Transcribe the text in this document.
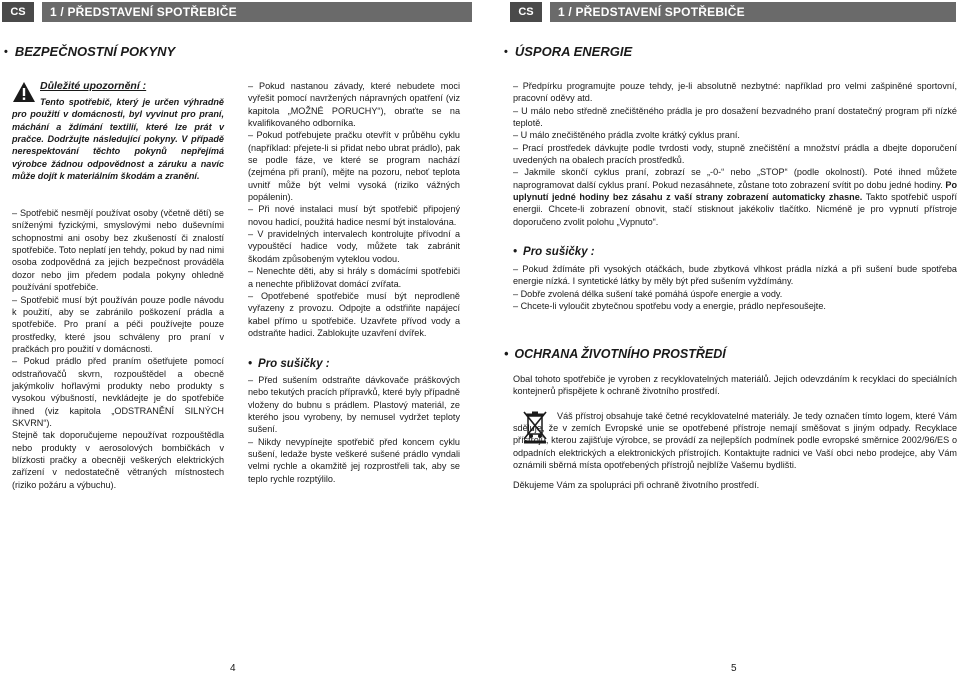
CS	1 / PŘEDSTAVENÍ SPOTŘEBIČE	CS	1 / PŘEDSTAVENÍ SPOTŘEBIČE
• BEZPEČNOSTNÍ POKYNY	• ÚSPORA ENERGIE
Důležité upozornění :

Tento spotřebič, který je určen výhradně pro použití v domácnosti, byl vyvinut pro praní, máchání a ždímání textilií, které lze prát v pračce. Dodržujte následující pokyny. V případě nerespektování těchto pokynů nepřejímá výrobce žádnou odpovědnost a záruku a navíc může dojít k materiálním škodám a zranění.

– Spotřebič nesmějí používat osoby (včetně dětí) se sníženými fyzickými, smyslovými nebo duševními schopnostmi ani osoby bez zkušeností či znalostí spotřebiče. Toto neplatí jen tehdy, pokud by nad nimi osoba zodpovědná za jejich bezpečnost prováděla dozor nebo jim předem podala pokyny ohledně používání spotřebiče.

– Spotřebič musí být používán pouze podle návodu k použití, aby se zabránilo poškození prádla a spotřebiče. Pro praní a péči používejte pouze prostředky, které jsou schváleny pro praní v pračkách pro použití v domácnosti.

– Pokud prádlo před praním ošetřujete pomocí odstraňovačů skvrn, rozpouštědel a obecně jakýmkoliv hořlavými produkty nebo produkty s vysokou výbušností, nevkládejte je do spotřebiče ihned (viz kapitola „ODSTRANĚNÍ SILNÝCH SKVRN“).

Stejně tak doporučujeme nepoužívat rozpouštědla nebo produkty v aerosolových bombičkách v blízkosti pračky a obecněji veškerých elektrických zařízení v nedostatečně větraných místnostech (riziko požáru a výbuchu).

– Pokud nastanou závady, které nebudete moci vyřešit pomocí navržených nápravných opatření (viz kapitola „MOŽNÉ PORUCHY“), obraťte se na kvalifikovaného odborníka.

– Pokud potřebujete pračku otevřít v průběhu cyklu (například: přejete-li si přidat nebo ubrat prádlo), pak se podle fáze, ve které se program nachází (zejména při praní), mějte na pozoru, neboť teplota uvnitř může být velmi vysoká (riziko vážných popálenin).

– Při nové instalaci musí být spotřebič připojený novou hadicí, použitá hadice nesmí být instalována.

– V pravidelných intervalech kontrolujte přívodní a vypouštěcí hadice vody, můžete tak zabránit škodám způsobeným vyteklou vodou.

– Nenechte děti, aby si hrály s domácími spotřebiči a nenechte přibližovat domácí zvířata.

– Opotřebené spotřebiče musí být neprodleně vyřazeny z provozu. Odpojte a odstřiňte napájecí kabel přímo u spotřebiče. Uzavřete přívod vody a odstraňte hadici. Zablokujte uzavření dvířek.

• Pro sušičky :

– Před sušením odstraňte dávkovače práškových nebo tekutých pracích přípravků, které byly případně vloženy do bubnu s prádlem. Plastový materiál, ze kterého jsou vyrobeny, by nemusel vydržet teploty sušení.

– Nikdy nevypínejte spotřebič před koncem cyklu sušení, ledaže byste veškeré sušené prádlo vyndali velmi rychle a okamžitě jej rozprostřeli tak, aby se teplo rychle rozptýlilo.

– Předpírku programujte pouze tehdy, je-li absolutně nezbytné: například pro velmi zašpiněné sportovní, pracovní oděvy atd.

– U málo nebo středně znečištěného prádla je pro dosažení bezvadného praní dostatečný program při nízké teplotě.

– U málo znečištěného prádla zvolte krátký cyklus praní.

– Prací prostředek dávkujte podle tvrdosti vody, stupně znečištění a množství prádla a dbejte doporučení uvedených na obalech pracích prostředků.

– Jakmile skončí cyklus praní, zobrazí se „-0-“ nebo „STOP“ (podle okolností). Poté ihned můžete naprogramovat další cyklus praní. Pokud nezasáhnete, zůstane toto zobrazení svítit po dobu jedné hodiny. Po uplynutí jedné hodiny bez zásahu z vaší strany zobrazení automaticky zhasne. Takto spotřebič uspoří energii. Chcete-li zobrazení obnovit, stačí stisknout jakékoliv tlačítko. Nicméně je pro vypnutí přístroje doporučeno zvolit polohu „Vypnuto“.

• Pro sušičky :

– Pokud ždímáte při vysokých otáčkách, bude zbytková vlhkost prádla nízká a při sušení bude spotřeba energie nízká. I syntetické látky by měly být před sušením vyždímány.

– Dobře zvolená délka sušení také pomáhá úspoře energie a vody.

– Chcete-li vyloučit zbytečnou spotřebu vody a energie, prádlo nepřesoušejte.

• OCHRANA ŽIVOTNÍHO PROSTŘEDÍ

Obal tohoto spotřebiče je vyroben z recyklovatelných materiálů. Jejich odevzdáním k recyklaci do speciálních kontejnerů přispějete k ochraně životního prostředí.

Váš přístroj obsahuje také četné recyklovatelné materiály. Je tedy označen tímto logem, které Vám sděluje, že v zemích Evropské unie se opotřebené přístroje nemají směšovat s jiným odpady. Recyklace přístrojů, kterou zajišťuje výrobce, se provádí za nejlepších podmínek podle evropské směrnice 2002/96/ES o odpadních elektrických a elektronických přístrojích. Kontaktujte radnici ve Vaší obci nebo prodejce, aby Vám oznámili sběrná místa opotřebených přístrojů nejblíže Vašemu bydlišti.

Děkujeme Vám za spolupráci při ochraně životního prostředí.

4	5
